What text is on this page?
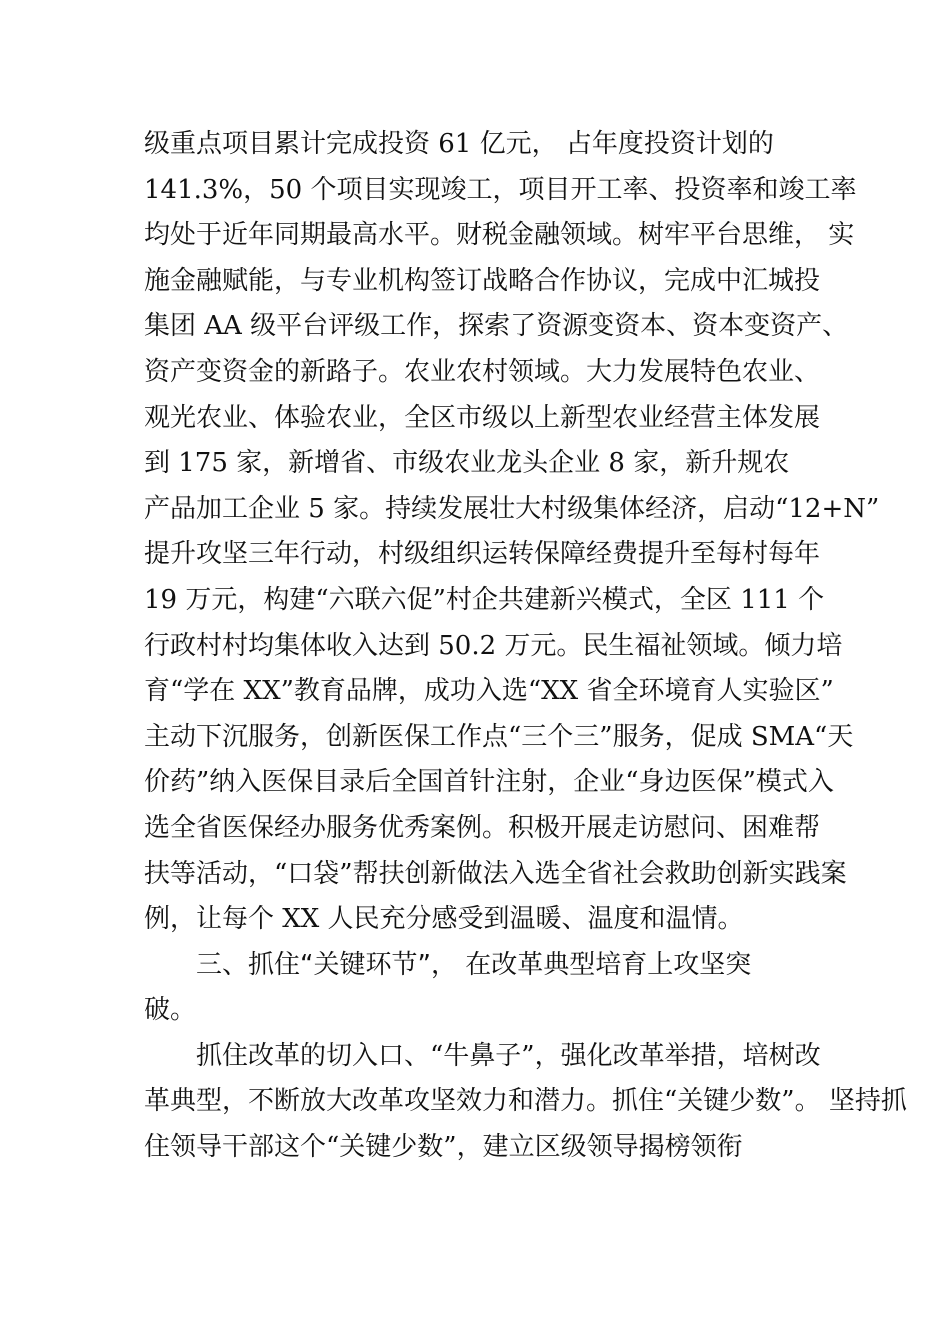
级重点项目累计完成投资 61 亿元， 占年度投资计划的
141.3%，50 个项目实现竣工，项目开工率、投资率和竣工率
均处于近年同期最高水平。财税金融领域。树牢平台思维， 实
施金融赋能，与专业机构签订战略合作协议，完成中汇城投
集团 AA 级平台评级工作，探索了资源变资本、资本变资产、
资产变资金的新路子。农业农村领域。大力发展特色农业、
观光农业、体验农业，全区市级以上新型农业经营主体发展
到 175 家，新增省、市级农业龙头企业 8 家，新升规农
产品加工企业 5 家。持续发展壮大村级集体经济，启动“12+N”
提升攻坚三年行动，村级组织运转保障经费提升至每村每年
19 万元，构建“六联六促”村企共建新兴模式，全区 111 个
行政村村均集体收入达到 50.2 万元。民生福祉领域。倾力培
育“学在 XX”教育品牌，成功入选“XX 省全环境育人实验区”
主动下沉服务，创新医保工作点“三个三”服务，促成 SMA“天
价药”纳入医保目录后全国首针注射，企业“身边医保”模式入
选全省医保经办服务优秀案例。积极开展走访慰问、困难帮
扶等活动，“口袋”帮扶创新做法入选全省社会救助创新实践案
例，让每个 XX 人民充分感受到温暖、温度和温情。
三、抓住“关键环节”， 在改革典型培育上攻坚突
破。
抓住改革的切入口、“牛鼻子”，强化改革举措，培树改
革典型，不断放大改革攻坚效力和潜力。抓住“关键少数”。 坚持抓
住领导干部这个“关键少数”，建立区级领导揭榜领衔
